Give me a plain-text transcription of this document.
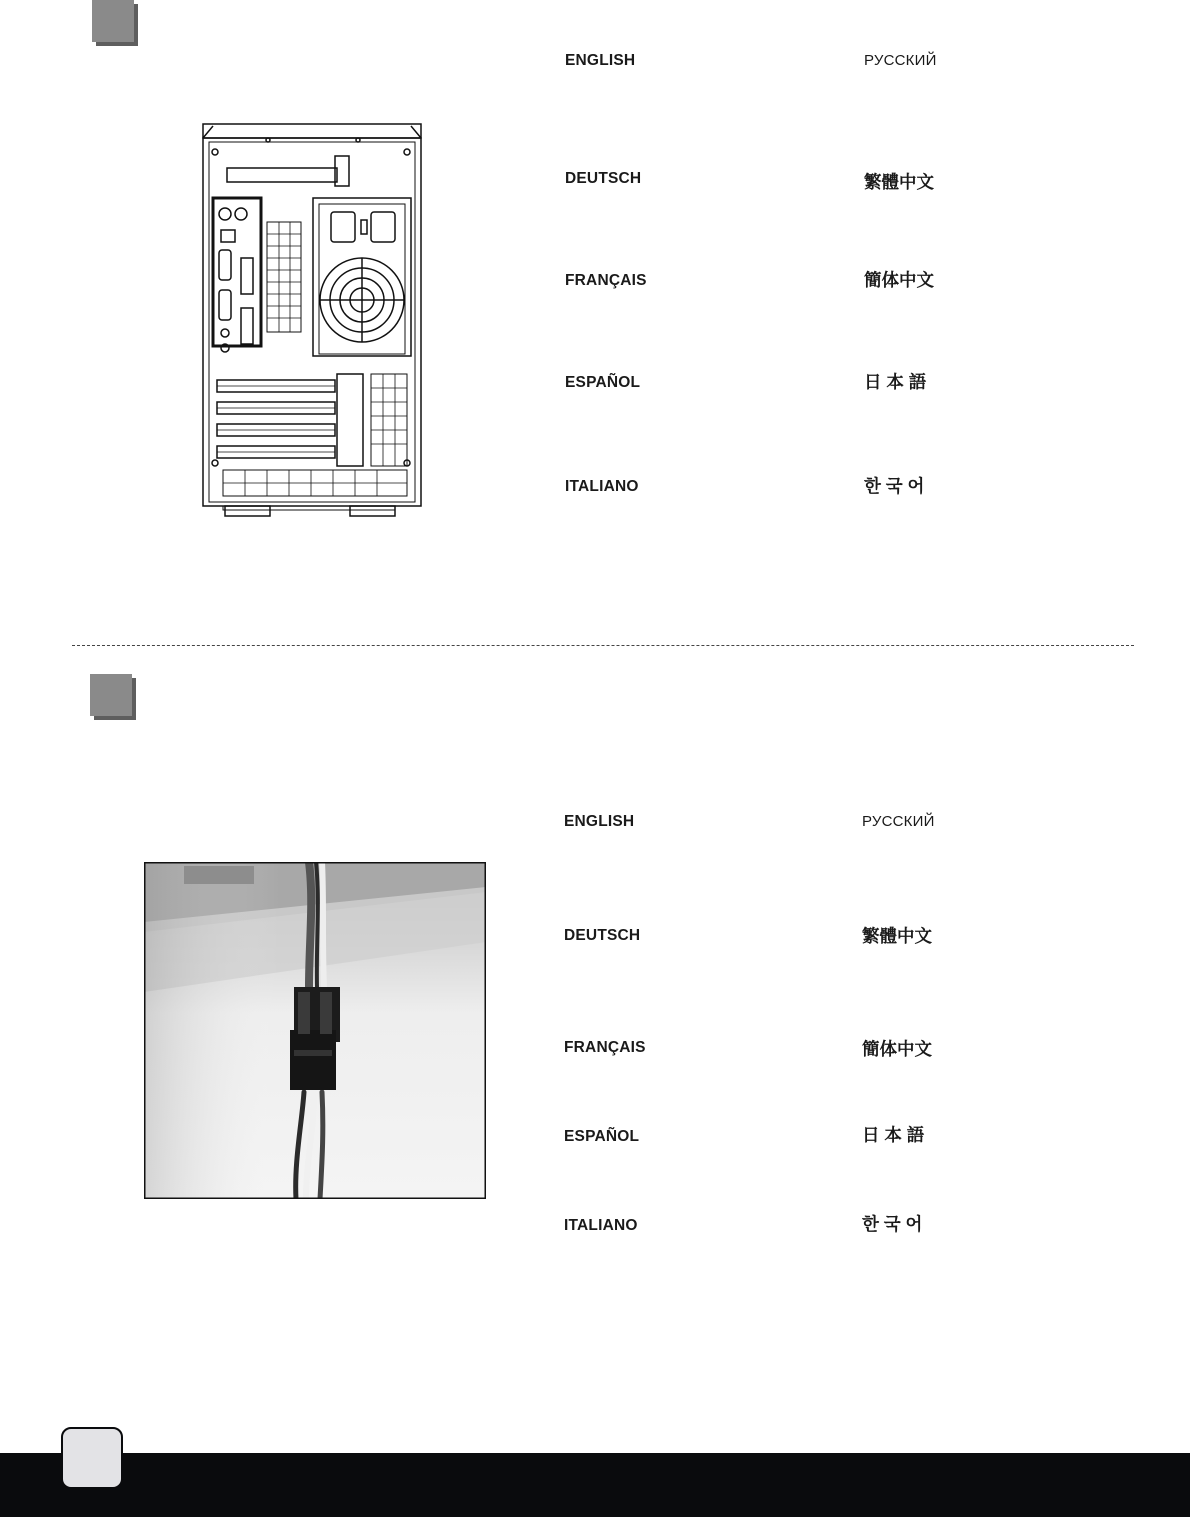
ENGLISH
DEUTSCH
FRANÇAIS
ESPAÑOL
ITALIANO
РУССКИЙ
繁體中文
簡体中文
日 本 語
한 국 어
ENGLISH
DEUTSCH
FRANÇAIS
ESPAÑOL
ITALIANO
РУССКИЙ
繁體中文
簡体中文
日 本 語
한 국 어
